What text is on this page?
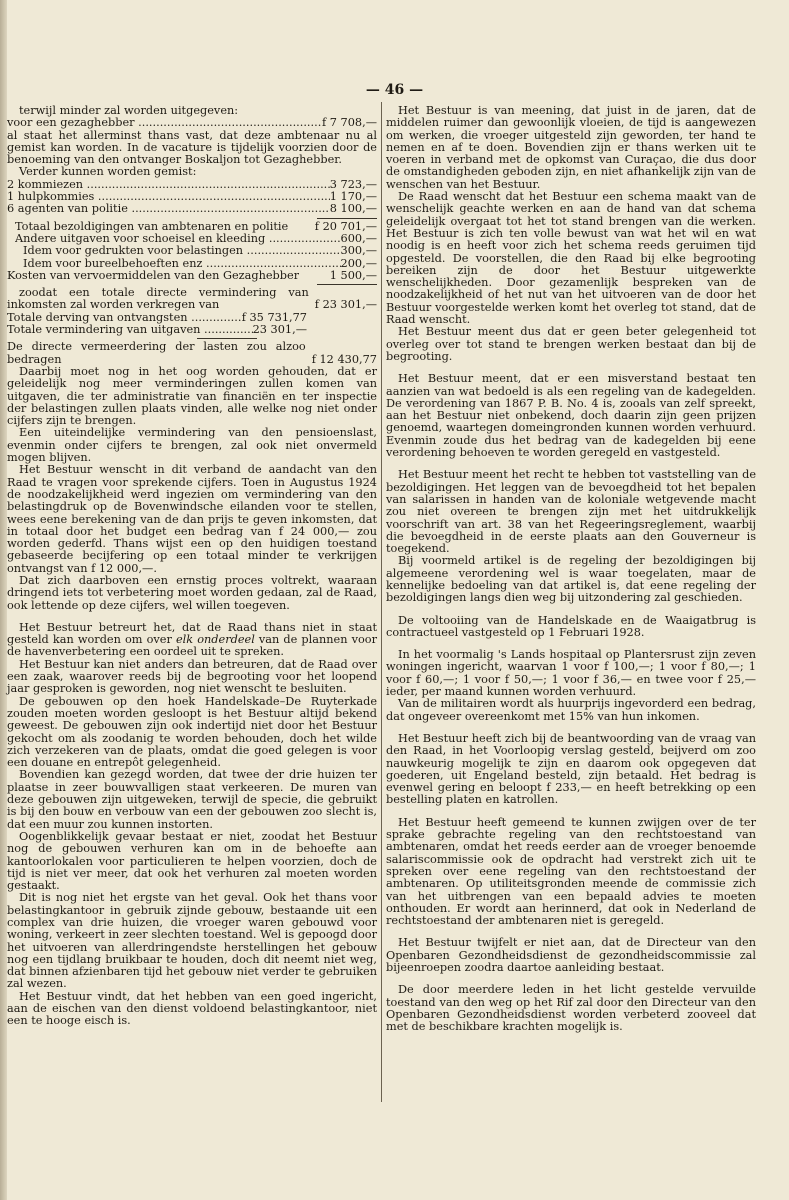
— 46 —

terwijl minder zal worden uitgegeven:

voor een gezaghebber .....	f 7 708,—

al staat het allerminst thans vast, dat deze ambtenaar nu al gemist kan worden. In de vacature is tijdelijk voorzien door de benoeming van den ontvanger Boskaljon tot Gezaghebber.

Verder kunnen worden gemist:

2 kommiezen .....	3 723,—
1 hulpkommies .....	1 170,—
6 agenten van politie .....	8 100,—
Totaal bezoldigingen van ambtenaren en politie f 20 701,—
Andere uitgaven voor schoeisel en kleeding .....	600,—
Idem voor gedrukten voor belastingen .....	300,—
Idem voor bureelbehoeften enz .....	200,—
Kosten van vervoermiddelen van den Gezaghebber	1 500,—

zoodat een totale directe vermindering van inkomsten zal worden verkregen van	f 23 301,—
Totale derving van ontvangsten .....	f 35 731,77
Totale vermindering van uitgaven .....	23 301,—

De directe vermeerdering der lasten zou alzoo bedragen	f 12 430,77

Daarbij moet nog in het oog worden gehouden, dat er geleidelijk nog meer verminderingen zullen komen van uitgaven, die ter administratie van financiën en ter inspectie der belastingen zullen plaats vinden, alle welke nog niet onder cijfers zijn te brengen.

Een uiteindelijke vermindering van den pensioenslast, evenmin onder cijfers te brengen, zal ook niet onvermeld mogen blijven.

Het Bestuur wenscht in dit verband de aandacht van den Raad te vragen voor sprekende cijfers. Toen in Augustus 1924 de noodzakelijkheid werd ingezien om vermindering van den belastingdruk op de Bovenwindsche eilanden voor te stellen, wees eene berekening van de dan prijs te geven inkomsten, dat in totaal door het budget een bedrag van f 24 000,— zou worden gederfd. Thans wijst een op den huidigen toestand gebaseerde becijfering op een totaal minder te verkrijgen ontvangst van f 12 000,—.

Dat zich daarboven een ernstig proces voltrekt, waaraan dringend iets tot verbetering moet worden gedaan, zal de Raad, ook lettende op deze cijfers, wel willen toegeven.

Het Bestuur betreurt het, dat de Raad thans niet in staat gesteld kan worden om over elk onderdeel van de plannen voor de havenverbetering een oordeel uit te spreken.

Het Bestuur kan niet anders dan betreuren, dat de Raad over een zaak, waarover reeds bij de begrooting voor het loopend jaar gesproken is geworden, nog niet wenscht te besluiten.

De gebouwen op den hoek Handelskade–De Ruyterkade zouden moeten worden gesloopt is het Bestuur altijd bekend geweest. De gebouwen zijn ook indertijd niet door het Bestuur gekocht om als zoodanig te worden behouden, doch het wilde zich verzekeren van de plaats, omdat die goed gelegen is voor een douane en entrepôt gelegenheid.

Bovendien kan gezegd worden, dat twee der drie huizen ter plaatse in zeer bouwvalligen staat verkeeren. De muren van deze gebouwen zijn uitgeweken, terwijl de specie, die gebruikt is bij den bouw en verbouw van een der gebouwen zoo slecht is, dat een muur zou kunnen instorten.

Oogenblikkelijk gevaar bestaat er niet, zoodat het Bestuur nog de gebouwen verhuren kan om in de behoefte aan kantoorlokalen voor particulieren te helpen voorzien, doch de tijd is niet ver meer, dat ook het verhuren zal moeten worden gestaakt.

Dit is nog niet het ergste van het geval. Ook het thans voor belastingkantoor in gebruik zijnde gebouw, bestaande uit een complex van drie huizen, die vroeger waren gebouwd voor woning, verkeert in zeer slechten toestand. Wel is gepoogd door het uitvoeren van allerdringendste herstellingen het gebouw nog een tijdlang bruikbaar te houden, doch dit neemt niet weg, dat binnen afzienbaren tijd het gebouw niet verder te gebruiken zal wezen.

Het Bestuur vindt, dat het hebben van een goed ingericht, aan de eischen van den dienst voldoend belastingkantoor, niet een te hooge eisch is.

Het Bestuur is van meening, dat juist in de jaren, dat de middelen ruimer dan gewoonlijk vloeien, de tijd is aangewezen om werken, die vroeger uitgesteld zijn geworden, ter hand te nemen en af te doen. Bovendien zijn er thans werken uit te voeren in verband met de opkomst van Curaçao, die dus door de omstandigheden geboden zijn, en niet afhankelijk zijn van de wenschen van het Bestuur.

De Raad wenscht dat het Bestuur een schema maakt van de wenschelijk geachte werken en aan de hand van dat schema geleidelijk overgaat tot het tot stand brengen van die werken. Het Bestuur is zich ten volle bewust van wat het wil en wat noodig is en heeft voor zich het schema reeds geruimen tijd opgesteld. De voorstellen, die den Raad bij elke begrooting bereiken zijn de door het Bestuur uitgewerkte wenschelijkheden. Door gezamenlijk bespreken van de noodzakelijkheid of het nut van het uitvoeren van de door het Bestuur voorgestelde werken komt het overleg tot stand, dat de Raad wenscht.

Het Bestuur meent dus dat er geen beter gelegenheid tot overleg over tot stand te brengen werken bestaat dan bij de begrooting.

Het Bestuur meent, dat er een misverstand bestaat ten aanzien van wat bedoeld is als een regeling van de kadegelden. De verordening van 1867 P. B. No. 4 is, zooals van zelf spreekt, aan het Bestuur niet onbekend, doch daarin zijn geen prijzen genoemd, waartegen domeingronden kunnen worden verhuurd. Evenmin zoude dus het bedrag van de kadegelden bij eene verordening behoeven te worden geregeld en vastgesteld.

Het Bestuur meent het recht te hebben tot vaststelling van de bezoldigingen. Het leggen van de bevoegdheid tot het bepalen van salarissen in handen van de koloniale wetgevende macht zou niet overeen te brengen zijn met het uitdrukkelijk voorschrift van art. 38 van het Regeeringsreglement, waarbij die bevoegdheid in de eerste plaats aan den Gouverneur is toegekend.

Bij voormeld artikel is de regeling der bezoldigingen bij algemeene verordening wel is waar toegelaten, maar de kennelijke bedoeling van dat artikel is, dat eene regeling der bezoldigingen langs dien weg bij uitzondering zal geschieden.

De voltooiing van de Handelskade en de Waaigatbrug is contractueel vastgesteld op 1 Februari 1928.

In het voormalig 's Lands hospitaal op Plantersrust zijn zeven woningen ingericht, waarvan 1 voor f 100,—; 1 voor f 80,—; 1 voor f 60,—; 1 voor f 50,—; 1 voor f 36,— en twee voor f 25,— ieder, per maand kunnen worden verhuurd.

Van de militairen wordt als huurprijs ingevorderd een bedrag, dat ongeveer overeenkomt met 15% van hun inkomen.

Het Bestuur heeft zich bij de beantwoording van de vraag van den Raad, in het Voorloopig verslag gesteld, beijverd om zoo nauwkeurig mogelijk te zijn en daarom ook opgegeven dat goederen, uit Engeland besteld, zijn betaald. Het bedrag is evenwel gering en beloopt f 233,— en heeft betrekking op een bestelling platen en katrollen.

Het Bestuur heeft gemeend te kunnen zwijgen over de ter sprake gebrachte regeling van den rechtstoestand van ambtenaren, omdat het reeds eerder aan de vroeger benoemde salariscommissie ook de opdracht had verstrekt zich uit te spreken over eene regeling van den rechtstoestand der ambtenaren. Op utiliteitsgronden meende de commissie zich van het uitbrengen van een bepaald advies te moeten onthouden. Er wordt aan herinnerd, dat ook in Nederland de rechtstoestand der ambtenaren niet is geregeld.

Het Bestuur twijfelt er niet aan, dat de Directeur van den Openbaren Gezondheidsdienst de gezondheidscommissie zal bijeenroepen zoodra daartoe aanleiding bestaat.

De door meerdere leden in het licht gestelde vervuilde toestand van den weg op het Rif zal door den Directeur van den Openbaren Gezondheidsdienst worden verbeterd zooveel dat met de beschikbare krachten mogelijk is.
